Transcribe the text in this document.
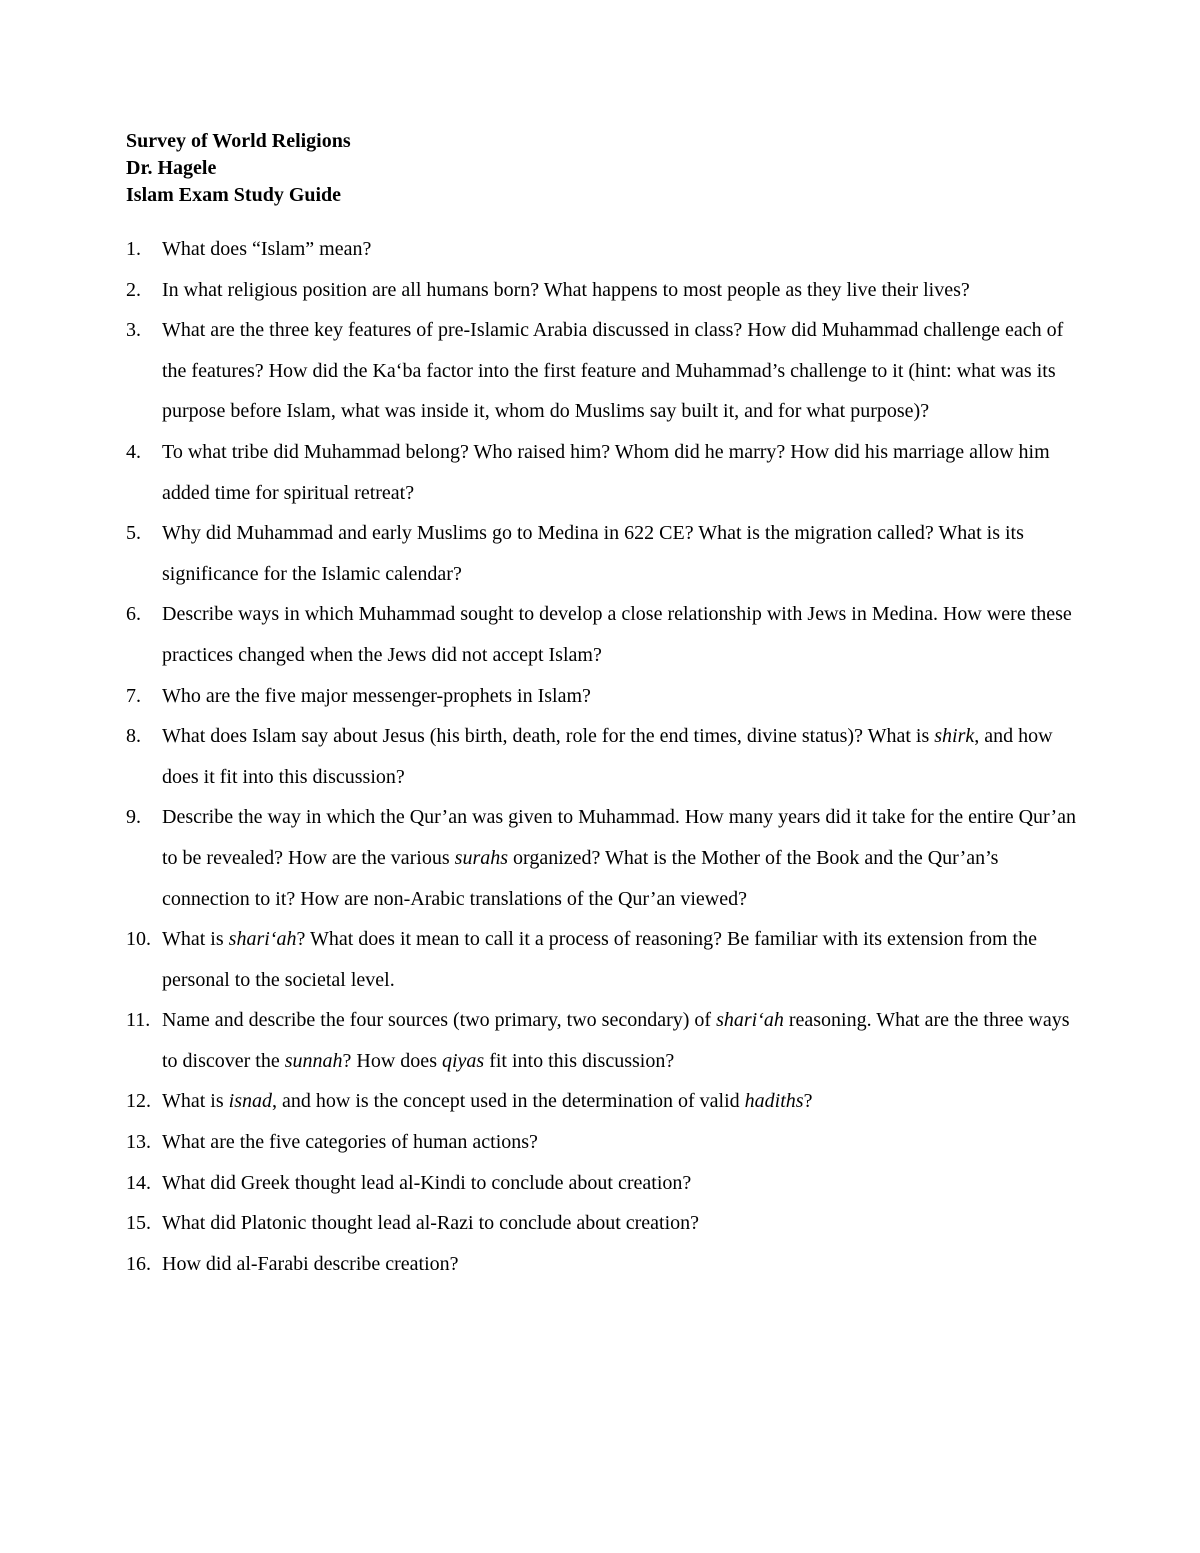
Survey of World Religions
Dr. Hagele
Islam Exam Study Guide
1. What does “Islam” mean?
2. In what religious position are all humans born? What happens to most people as they live their lives?
3. What are the three key features of pre-Islamic Arabia discussed in class? How did Muhammad challenge each of the features? How did the Ka‘ba factor into the first feature and Muhammad’s challenge to it (hint: what was its purpose before Islam, what was inside it, whom do Muslims say built it, and for what purpose)?
4. To what tribe did Muhammad belong? Who raised him? Whom did he marry? How did his marriage allow him added time for spiritual retreat?
5. Why did Muhammad and early Muslims go to Medina in 622 CE? What is the migration called? What is its significance for the Islamic calendar?
6. Describe ways in which Muhammad sought to develop a close relationship with Jews in Medina. How were these practices changed when the Jews did not accept Islam?
7. Who are the five major messenger-prophets in Islam?
8. What does Islam say about Jesus (his birth, death, role for the end times, divine status)? What is shirk, and how does it fit into this discussion?
9. Describe the way in which the Qur’an was given to Muhammad. How many years did it take for the entire Qur’an to be revealed? How are the various surahs organized? What is the Mother of the Book and the Qur’an’s connection to it? How are non-Arabic translations of the Qur’an viewed?
10. What is shari‘ah? What does it mean to call it a process of reasoning? Be familiar with its extension from the personal to the societal level.
11. Name and describe the four sources (two primary, two secondary) of shari‘ah reasoning. What are the three ways to discover the sunnah? How does qiyas fit into this discussion?
12. What is isnad, and how is the concept used in the determination of valid hadiths?
13. What are the five categories of human actions?
14. What did Greek thought lead al-Kindi to conclude about creation?
15. What did Platonic thought lead al-Razi to conclude about creation?
16. How did al-Farabi describe creation?
